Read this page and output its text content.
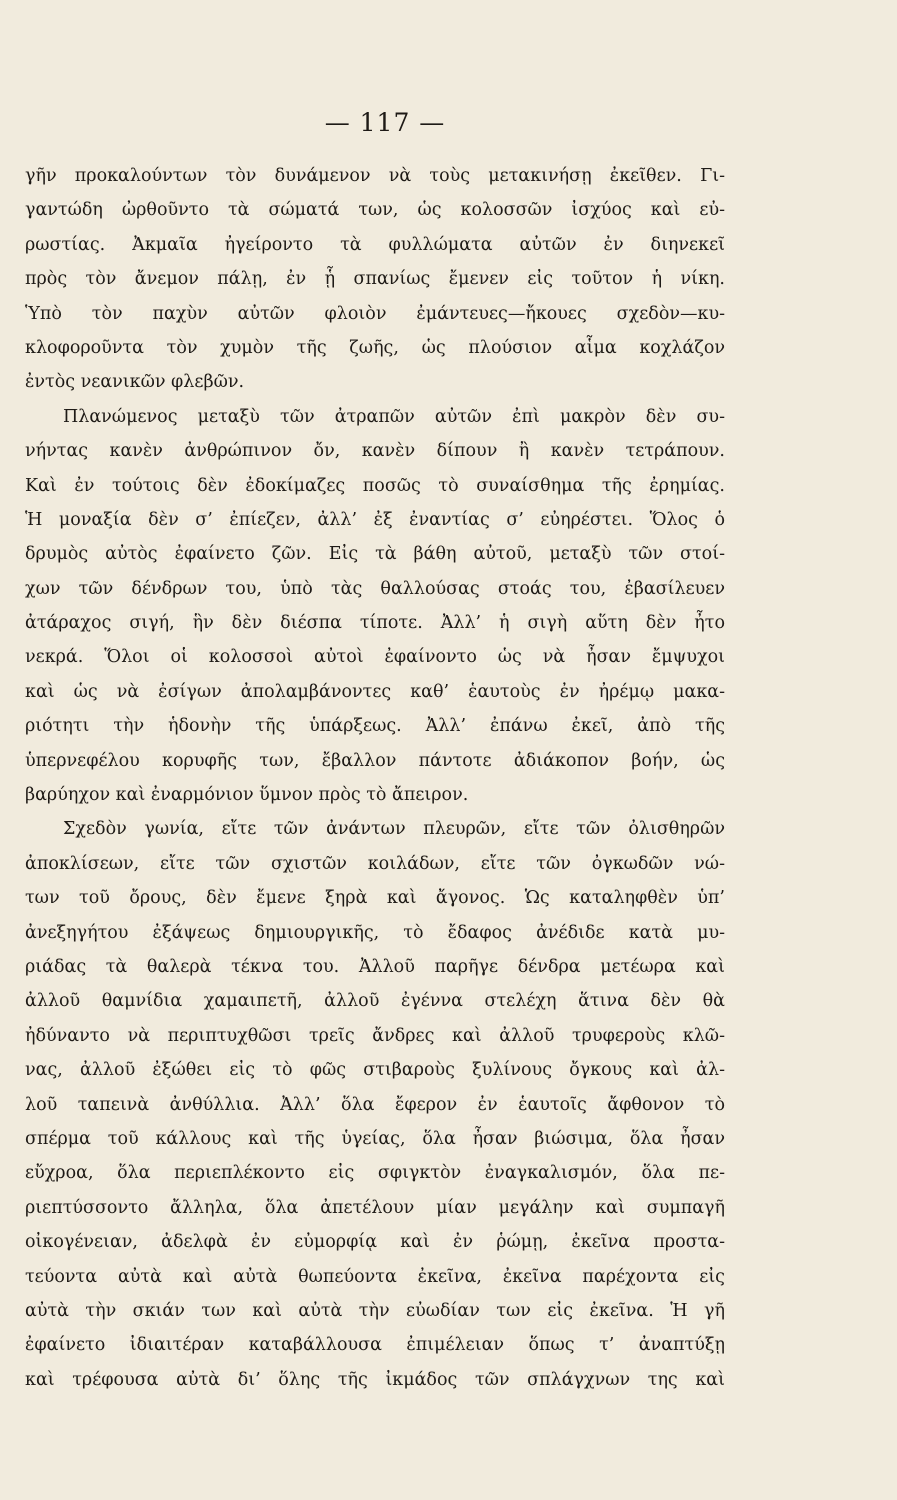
— 117 —
γῆν προκαλούντων τὸν δυνάμενον νὰ τοὺς μετακινήσῃ ἐκεῖθεν. Γι-
γαντώδη ὠρθοῦντο τὰ σώματά των, ὡς κολοσσῶν ἰσχύος καὶ εὐ-
ρωστίας. Ἀκμαῖα ἠγείροντο τὰ φυλλώματα αὐτῶν ἐν διηνεκεῖ
πρὸς τὸν ἄνεμον πάλῃ, ἐν ᾗ σπανίως ἔμενεν εἰς τοῦτον ἡ νίκη.
Ὑπὸ τὸν παχὺν αὐτῶν φλοιὸν ἐμάντευες—ἤκουες σχεδὸν—κυ-
κλοφοροῦντα τὸν χυμὸν τῆς ζωῆς, ὡς πλούσιον αἷμα κοχλάζον
ἐντὸς νεανικῶν φλεβῶν.
Πλανώμενος μεταξὺ τῶν ἀτραπῶν αὐτῶν ἐπὶ μακρὸν δὲν συ-
νήντας κανὲν ἀνθρώπινον ὄν, κανὲν δίπουν ἢ κανὲν τετράπουν.
Καὶ ἐν τούτοις δὲν ἐδοκίμαζες ποσῶς τὸ συναίσθημα τῆς ἐρημίας.
Ἡ μοναξία δὲν σ’ ἐπίεζεν, ἀλλ’ ἐξ ἐναντίας σ’ εὐηρέστει. Ὅλος ὁ
δρυμὸς αὐτὸς ἐφαίνετο ζῶν. Εἰς τὰ βάθη αὐτοῦ, μεταξὺ τῶν στοί-
χων τῶν δένδρων του, ὑπὸ τὰς θαλλούσας στοάς του, ἐβασίλευεν
ἀτάραχος σιγή, ἣν δὲν διέσπα τίποτε. Ἀλλ’ ἡ σιγὴ αὕτη δὲν ἦτο
νεκρά. Ὅλοι οἱ κολοσσοὶ αὐτοὶ ἐφαίνοντο ὡς νὰ ἦσαν ἔμψυχοι
καὶ ὡς νὰ ἐσίγων ἀπολαμβάνοντες καθ’ ἑαυτοὺς ἐν ἠρέμῳ μακα-
ριότητι τὴν ἡδονὴν τῆς ὑπάρξεως. Ἀλλ’ ἐπάνω ἐκεῖ, ἀπὸ τῆς
ὑπερνεφέλου κορυφῆς των, ἔβαλλον πάντοτε ἀδιάκοπον βοήν, ὡς
βαρύηχον καὶ ἐναρμόνιον ὕμνον πρὸς τὸ ἄπειρον.
Σχεδὸν γωνία, εἴτε τῶν ἀνάντων πλευρῶν, εἴτε τῶν ὀλισθηρῶν
ἀποκλίσεων, εἴτε τῶν σχιστῶν κοιλάδων, εἴτε τῶν ὀγκωδῶν νώ-
των τοῦ ὄρους, δὲν ἔμενε ξηρὰ καὶ ἄγονος. Ὡς καταληφθὲν ὑπ’
ἀνεξηγήτου ἐξάψεως δημιουργικῆς, τὸ ἔδαφος ἀνέδιδε κατὰ μυ-
ριάδας τὰ θαλερὰ τέκνα του. Ἀλλοῦ παρῆγε δένδρα μετέωρα καὶ
ἀλλοῦ θαμνίδια χαμαιπετῆ, ἀλλοῦ ἐγέννα στελέχη ἅτινα δὲν θὰ
ἠδύναντο νὰ περιπτυχθῶσι τρεῖς ἄνδρες καὶ ἀλλοῦ τρυφεροὺς κλῶ-
νας, ἀλλοῦ ἐξώθει εἰς τὸ φῶς στιβαροὺς ξυλίνους ὄγκους καὶ ἀλ-
λοῦ ταπεινὰ ἀνθύλλια. Ἀλλ’ ὅλα ἔφερον ἐν ἑαυτοῖς ἄφθονον τὸ
σπέρμα τοῦ κάλλους καὶ τῆς ὑγείας, ὅλα ἦσαν βιώσιμα, ὅλα ἦσαν
εὔχροα, ὅλα περιεπλέκοντο εἰς σφιγκτὸν ἐναγκαλισμόν, ὅλα πε-
ριεπτύσσοντο ἄλληλα, ὅλα ἀπετέλουν μίαν μεγάλην καὶ συμπαγῆ
οἰκογένειαν, ἀδελφὰ ἐν εὐμορφίᾳ καὶ ἐν ῥώμῃ, ἐκεῖνα προστα-
τεύοντα αὐτὰ καὶ αὐτὰ θωπεύοντα ἐκεῖνα, ἐκεῖνα παρέχοντα εἰς
αὐτὰ τὴν σκιάν των καὶ αὐτὰ τὴν εὐωδίαν των εἰς ἐκεῖνα. Ἡ γῆ
ἐφαίνετο ἰδιαιτέραν καταβάλλουσα ἐπιμέλειαν ὅπως τ’ ἀναπτύξῃ
καὶ τρέφουσα αὐτὰ δι’ ὅλης τῆς ἰκμάδος τῶν σπλάγχνων της καὶ
